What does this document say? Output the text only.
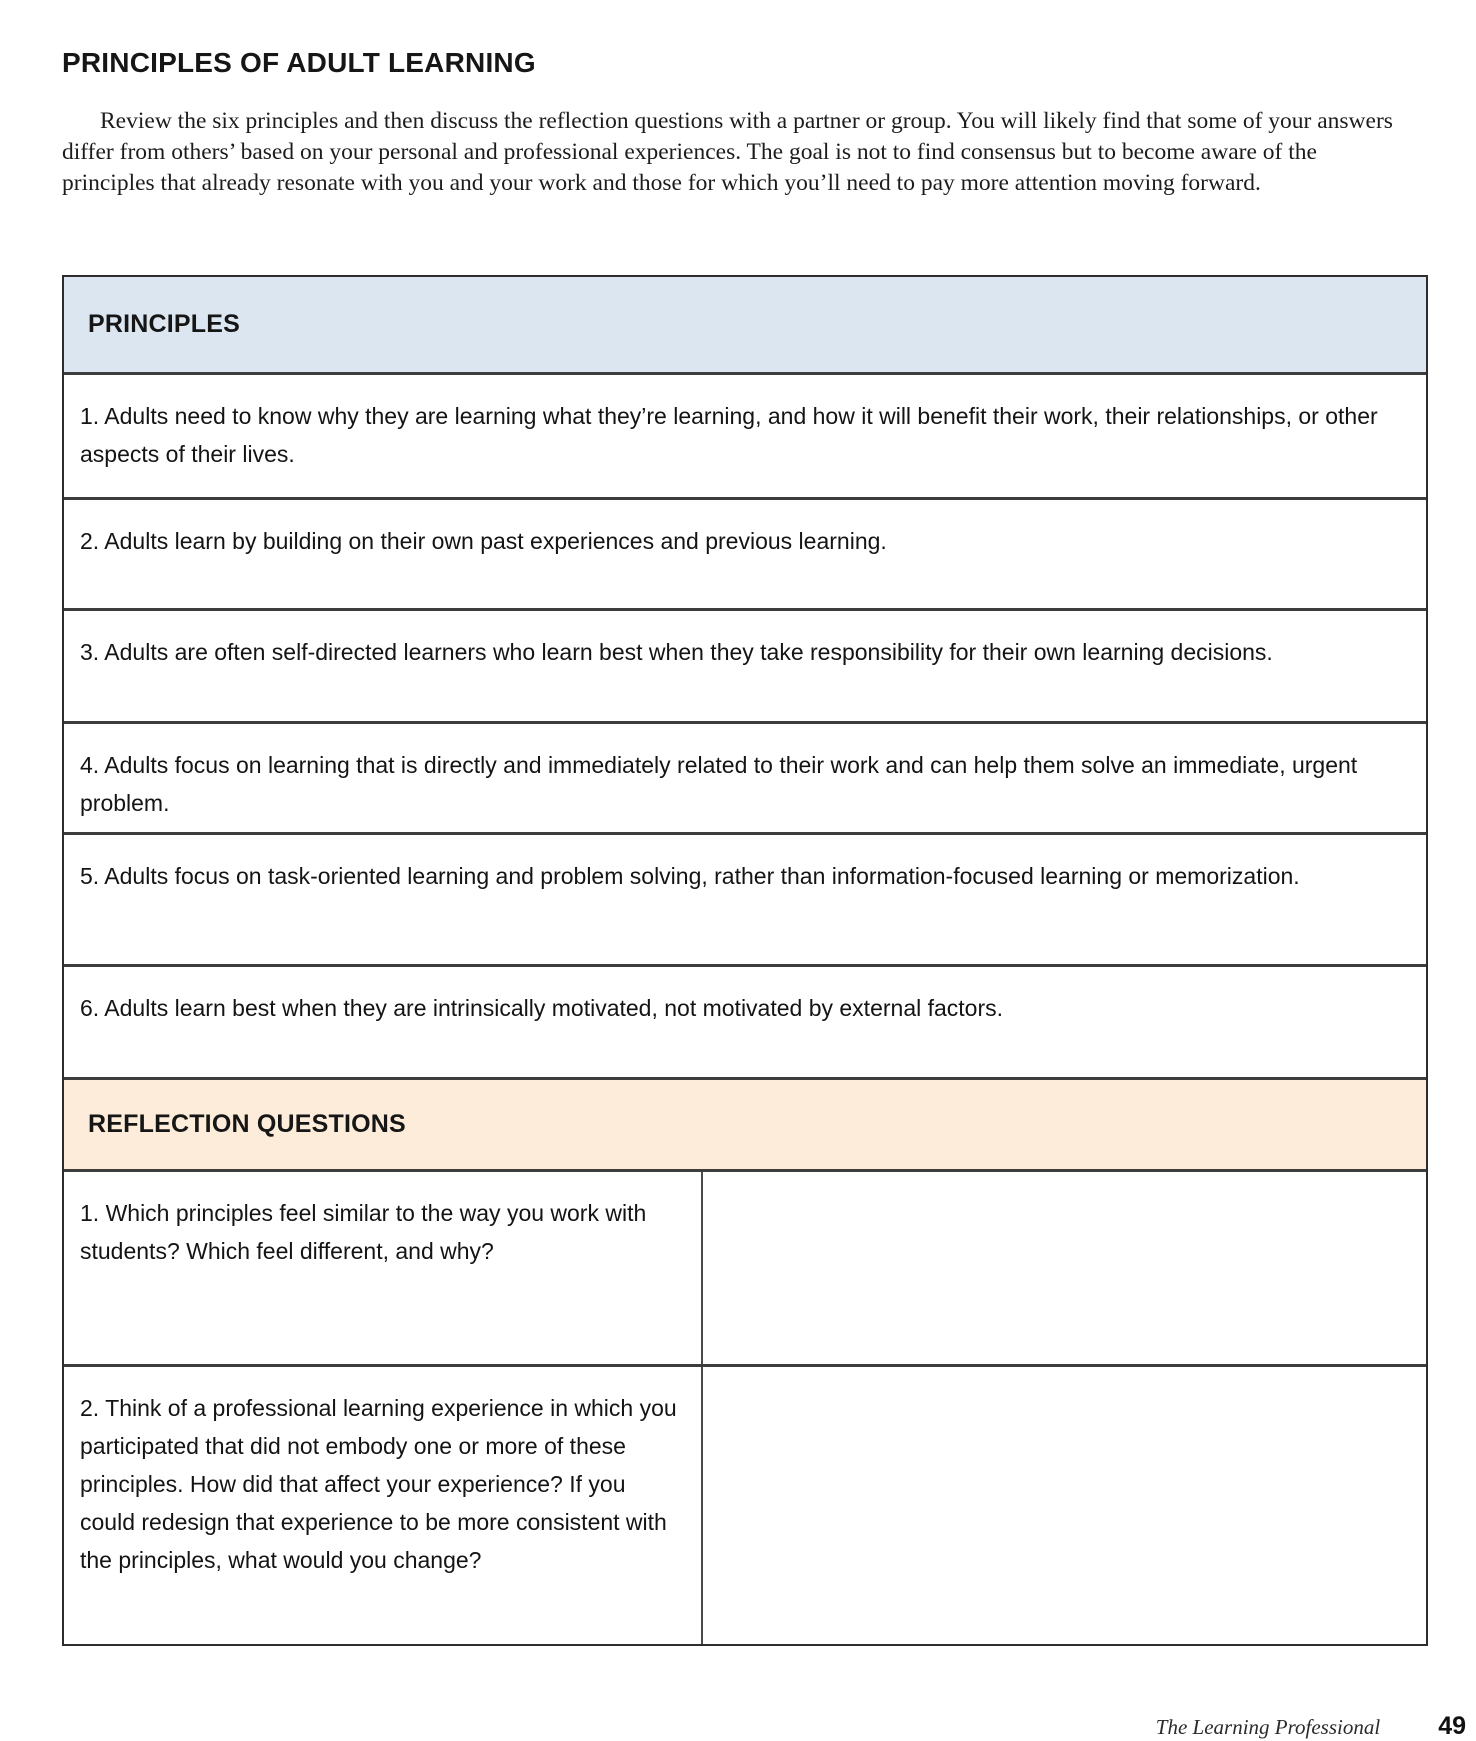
PRINCIPLES OF ADULT LEARNING
Review the six principles and then discuss the reflection questions with a partner or group. You will likely find that some of your answers differ from others’ based on your personal and professional experiences. The goal is not to find consensus but to become aware of the principles that already resonate with you and your work and those for which you’ll need to pay more attention moving forward.
PRINCIPLES
1. Adults need to know why they are learning what they’re learning, and how it will benefit their work, their relationships, or other aspects of their lives.
2. Adults learn by building on their own past experiences and previous learning.
3. Adults are often self-directed learners who learn best when they take responsibility for their own learning decisions.
4. Adults focus on learning that is directly and immediately related to their work and can help them solve an immediate, urgent problem.
5. Adults focus on task-oriented learning and problem solving, rather than information-focused learning or memorization.
6. Adults learn best when they are intrinsically motivated, not motivated by external factors.
REFLECTION QUESTIONS
1. Which principles feel similar to the way you work with students? Which feel different, and why?
2. Think of a professional learning experience in which you participated that did not embody one or more of these principles. How did that affect your experience? If you could redesign that experience to be more consistent with the principles, what would you change?
The Learning Professional 49
